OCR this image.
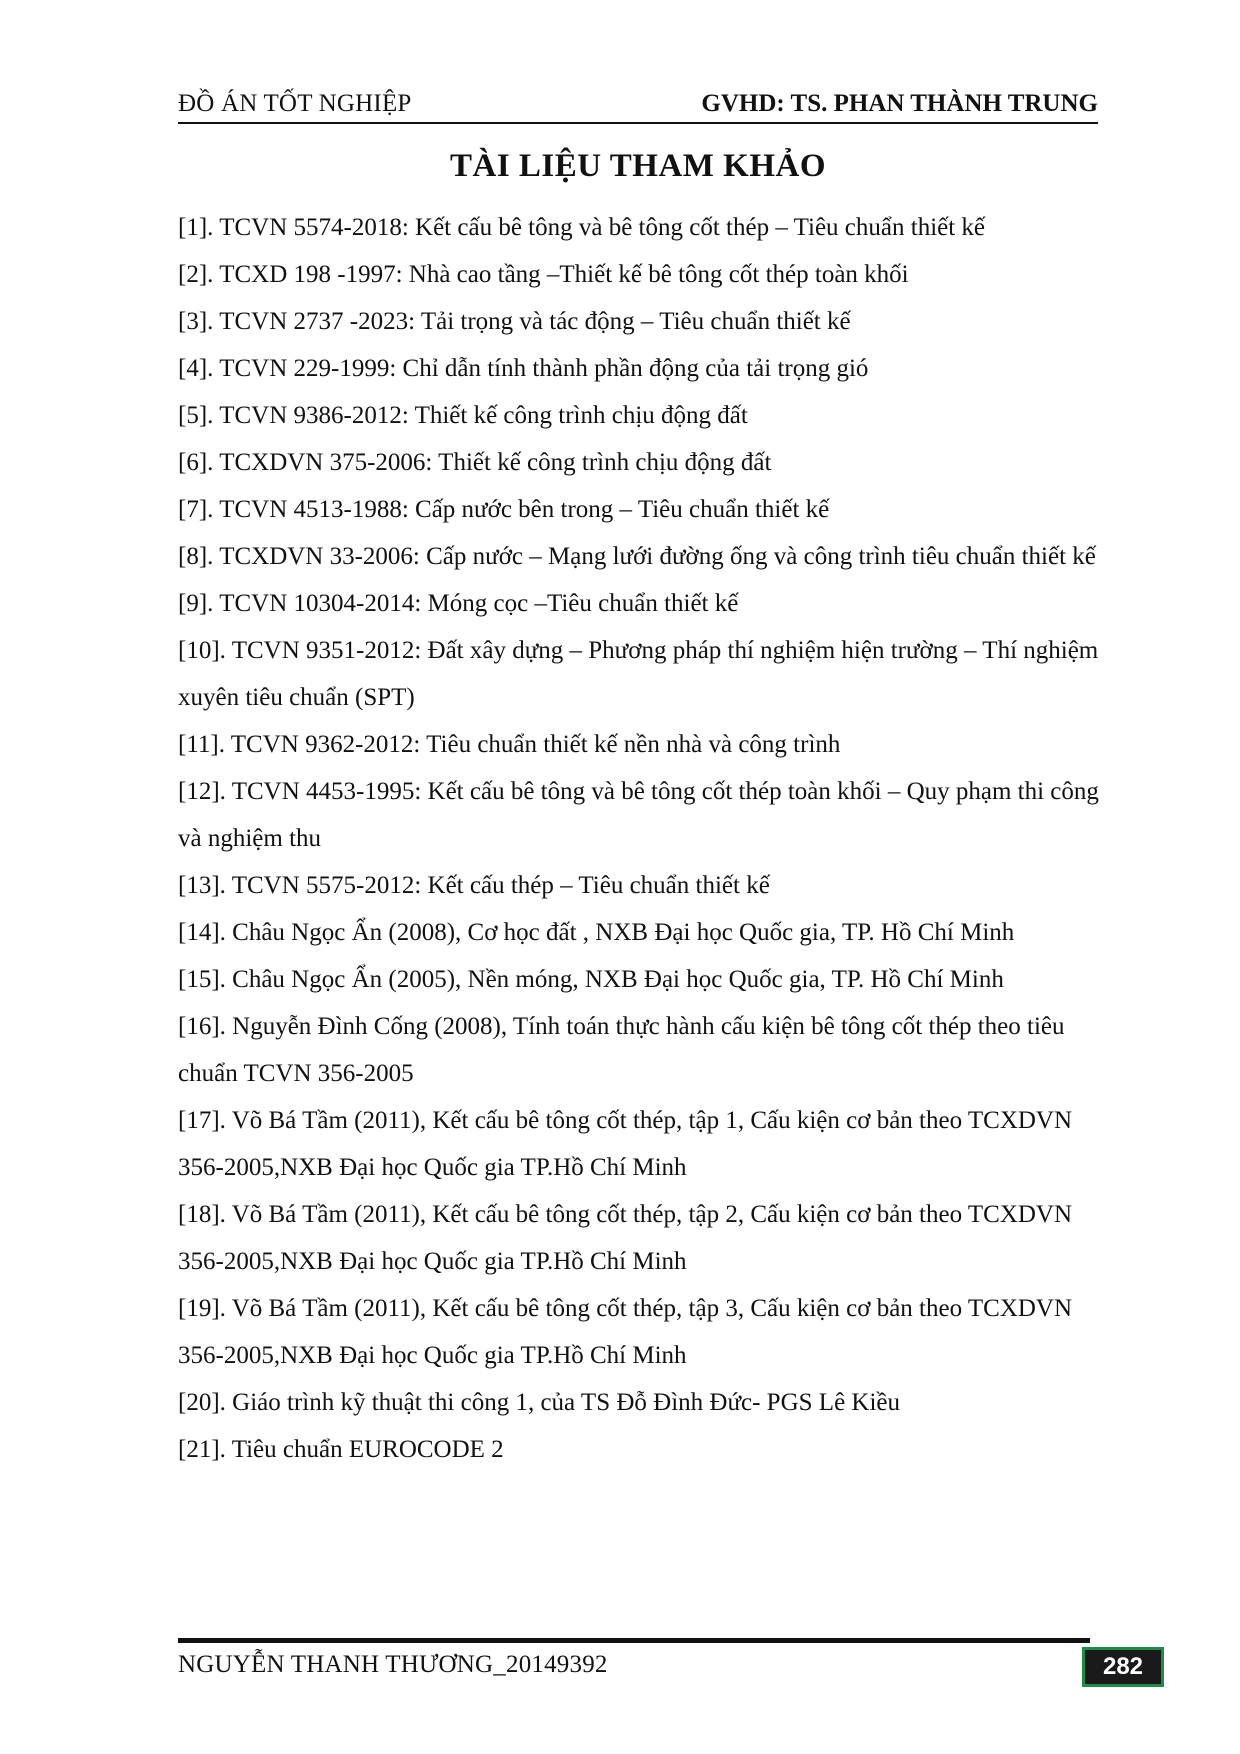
ĐỒ ÁN TỐT NGHIỆP	GVHD: TS. PHAN THÀNH TRUNG
TÀI LIỆU THAM KHẢO
[1]. TCVN 5574-2018: Kết cấu bê tông và bê tông cốt thép – Tiêu chuẩn thiết kế
[2]. TCXD 198 -1997: Nhà cao tầng –Thiết kế bê tông cốt thép toàn khối
[3]. TCVN 2737 -2023: Tải trọng và tác động – Tiêu chuẩn thiết kế
[4]. TCVN 229-1999: Chỉ dẫn tính thành phần động của tải trọng gió
[5]. TCVN 9386-2012: Thiết kế công trình chịu động đất
[6]. TCXDVN 375-2006: Thiết kế công trình chịu động đất
[7]. TCVN 4513-1988: Cấp nước bên trong – Tiêu chuẩn thiết kế
[8]. TCXDVN 33-2006: Cấp nước – Mạng lưới đường ống và công trình tiêu chuẩn thiết kế
[9]. TCVN 10304-2014: Móng cọc –Tiêu chuẩn thiết kế
[10]. TCVN 9351-2012: Đất xây dựng – Phương pháp thí nghiệm hiện trường – Thí nghiệm xuyên tiêu chuẩn (SPT)
[11]. TCVN 9362-2012: Tiêu chuẩn thiết kế nền nhà và công trình
[12]. TCVN 4453-1995: Kết cấu bê tông và bê tông cốt thép toàn khối – Quy phạm thi công và nghiệm thu
[13]. TCVN 5575-2012: Kết cấu thép – Tiêu chuẩn thiết kế
[14]. Châu Ngọc Ẩn (2008), Cơ học đất , NXB Đại học Quốc gia, TP. Hồ Chí Minh
[15]. Châu Ngọc Ẩn (2005), Nền móng, NXB Đại học Quốc gia, TP. Hồ Chí Minh
[16]. Nguyễn Đình Cống (2008), Tính toán thực hành cấu kiện bê tông cốt thép theo tiêu chuẩn TCVN 356-2005
[17]. Võ Bá Tầm (2011), Kết cấu bê tông cốt thép, tập 1, Cấu kiện cơ bản theo TCXDVN 356-2005,NXB Đại học Quốc gia TP.Hồ Chí Minh
[18]. Võ Bá Tầm (2011), Kết cấu bê tông cốt thép, tập 2, Cấu kiện cơ bản theo TCXDVN 356-2005,NXB Đại học Quốc gia TP.Hồ Chí Minh
[19]. Võ Bá Tầm (2011), Kết cấu bê tông cốt thép, tập 3, Cấu kiện cơ bản theo TCXDVN 356-2005,NXB Đại học Quốc gia TP.Hồ Chí Minh
[20]. Giáo trình kỹ thuật thi công 1, của TS Đỗ Đình Đức- PGS Lê Kiều
[21]. Tiêu chuẩn EUROCODE 2
NGUYỄN THANH THƯƠNG_20149392	282
